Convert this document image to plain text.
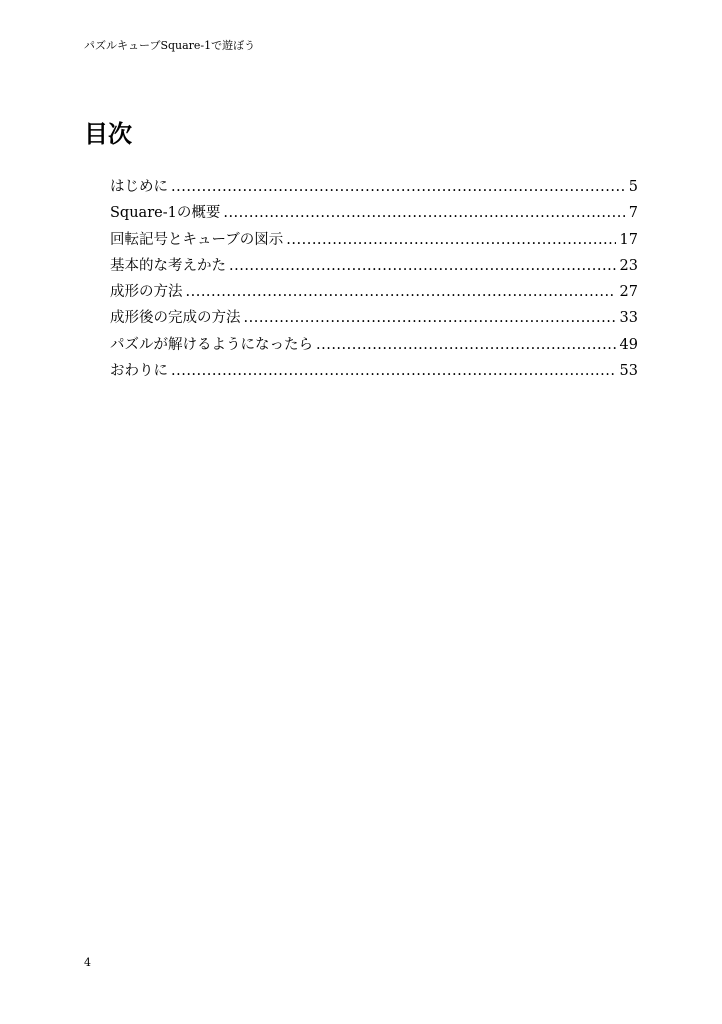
パズルキューブSquare-1で遊ぼう
目次
はじめに .....	5
Square-1の概要 .....	7
回転記号とキューブの図示 .....	17
基本的な考えかた .....	23
成形の方法 .....	27
成形後の完成の方法 .....	33
パズルが解けるようになったら .....	49
おわりに .....	53
4
